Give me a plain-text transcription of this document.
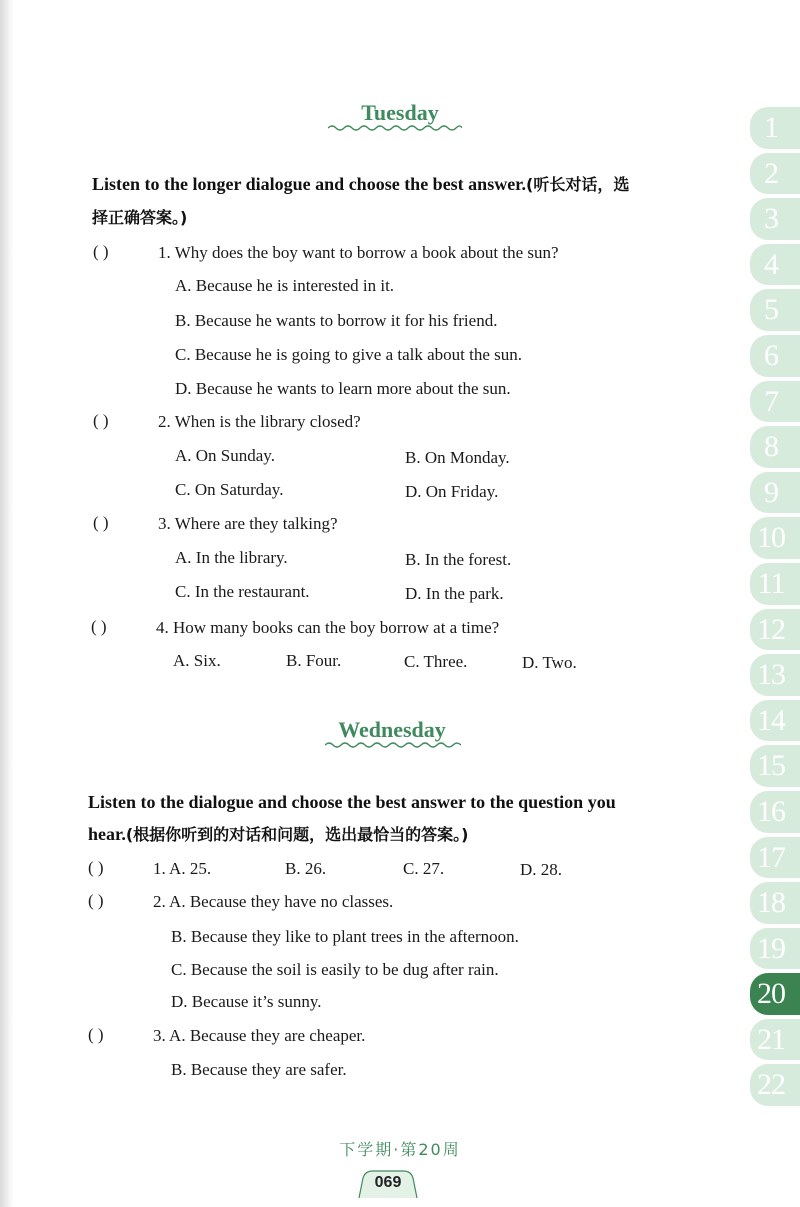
Tuesday
Listen to the longer dialogue and choose the best answer.(听长对话，选
择正确答案。)
( )	1. Why does the boy want to borrow a book about the sun?
A. Because he is interested in it.
B. Because he wants to borrow it for his friend.
C. Because he is going to give a talk about the sun.
D. Because he wants to learn more about the sun.
( )	2. When is the library closed?
A. On Sunday.	B. On Monday.
C. On Saturday.	D. On Friday.
( )	3. Where are they talking?
A. In the library.	B. In the forest.
C. In the restaurant.	D. In the park.
( )	4. How many books can the boy borrow at a time?
A. Six.	B. Four.	C. Three.	D. Two.
Wednesday
Listen to the dialogue and choose the best answer to the question you
hear.(根据你听到的对话和问题，选出最恰当的答案。)
( )	1. A. 25.	B. 26.	C. 27.	D. 28.
( )	2. A. Because they have no classes.
B. Because they like to plant trees in the afternoon.
C. Because the soil is easily to be dug after rain.
D. Because it’s sunny.
( )	3. A. Because they are cheaper.
B. Because they are safer.
1
2
3
4
5
6
7
8
9
10
11
12
13
14
15
16
17
18
19
20
21
22
下学期·第20周
069
